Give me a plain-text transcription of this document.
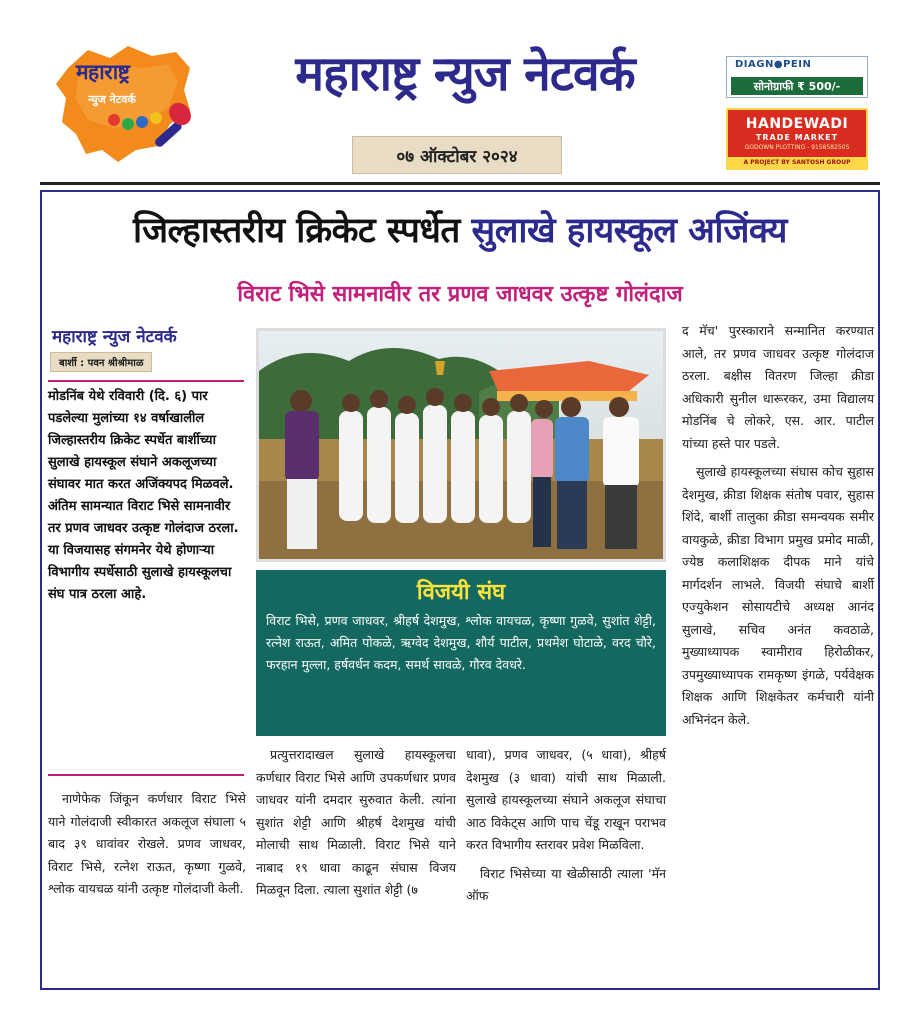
महाराष्ट्र
न्युज नेटवर्क	महाराष्ट्र न्युज नेटवर्क
०७ ऑक्टोबर २०२४
DIAGN●PEIN
सोनोग्राफी ₹ 500/-
HANDEWADI
TRADE MARKET
GODOWN PLOTTING - 9158582505
A PROJECT BY SANTOSH GROUP
जिल्हास्तरीय क्रिकेट स्पर्धेत सुलाखे हायस्कूल अजिंक्य
विराट भिसे सामनावीर तर प्रणव जाधवर उत्कृष्ट गोलंदाज
महाराष्ट्र न्युज नेटवर्क
बार्शी : पवन श्रीश्रीमाळ
मोडनिंब येथे रविवारी (दि. ६) पार पडलेल्या मुलांच्या १४ वर्षाखालील जिल्हास्तरीय क्रिकेट स्पर्धेत बार्शीच्या सुलाखे हायस्कूल संघाने अकलूजच्या संघावर मात करत अजिंक्यपद मिळवले. अंतिम सामन्यात विराट भिसे सामनावीर तर प्रणव जाधवर उत्कृष्ट गोलंदाज ठरला. या विजयासह संगमनेर येथे होणाऱ्या विभागीय स्पर्धेसाठी सुलाखे हायस्कूलचा संघ पात्र ठरला आहे.

नाणेफेक जिंकून कर्णधार विराट भिसे याने गोलंदाजी स्वीकारत अकलूज संघाला ५ बाद ३९ धावांवर रोखले. प्रणव जाधवर, विराट भिसे, रत्नेश राऊत, कृष्णा गुळवे, श्लोक वायचळ यांनी उत्कृष्ट गोलंदाजी केली.

विजयी संघ
विराट भिसे, प्रणव जाधवर, श्रीहर्ष देशमुख, श्लोक वायचळ, कृष्णा गुळवे, सुशांत शेट्टी, रत्नेश राऊत, अमित पोकळे, ऋग्वेद देशमुख, शौर्य पाटील, प्रथमेश घोटाळे, वरद चौरे, फरहान मुल्ला, हर्षवर्धन कदम, समर्थ सावळे, गौरव देवधरे.

प्रत्युत्तरादाखल सुलाखे हायस्कूलचा कर्णधार विराट भिसे आणि उपकर्णधार प्रणव जाधवर यांनी दमदार सुरुवात केली. त्यांना सुशांत शेट्टी आणि श्रीहर्ष देशमुख यांची मोलाची साथ मिळाली. विराट भिसे याने नाबाद १९ धावा काढून संघास विजय मिळवून दिला. त्याला सुशांत शेट्टी (७

धावा), प्रणव जाधवर, (५ धावा), श्रीहर्ष देशमुख (३ धावा) यांची साथ मिळाली. सुलाखे हायस्कूलच्या संघाने अकलूज संघाचा आठ विकेट्स आणि पाच चेंडू राखून पराभव करत विभागीय स्तरावर प्रवेश मिळविला.

विराट भिसेच्या या खेळीसाठी त्याला 'मॅन ऑफ

द मॅच' पुरस्काराने सन्मानित करण्यात आले, तर प्रणव जाधवर उत्कृष्ट गोलंदाज ठरला. बक्षीस वितरण जिल्हा क्रीडा अधिकारी सुनील धारूरकर, उमा विद्यालय मोडनिंब चे लोकरे, एस. आर. पाटील यांच्या हस्ते पार पडले.

सुलाखे हायस्कूलच्या संघास कोच सुहास देशमुख, क्रीडा शिक्षक संतोष पवार, सुहास शिंदे, बार्शी तालुका क्रीडा समन्वयक समीर वायकुळे, क्रीडा विभाग प्रमुख प्रमोद माळी, ज्येष्ठ कलाशिक्षक दीपक माने यांचे मार्गदर्शन लाभले. विजयी संघाचे बार्शी एज्युकेशन सोसायटीचे अध्यक्ष आनंद सुलाखे, सचिव अनंत कवठाळे, मुख्याध्यापक स्वामीराव हिरोळीकर, उपमुख्याध्यापक रामकृष्ण इंगळे, पर्यवेक्षक शिक्षक आणि शिक्षकेतर कर्मचारी यांनी अभिनंदन केले.
